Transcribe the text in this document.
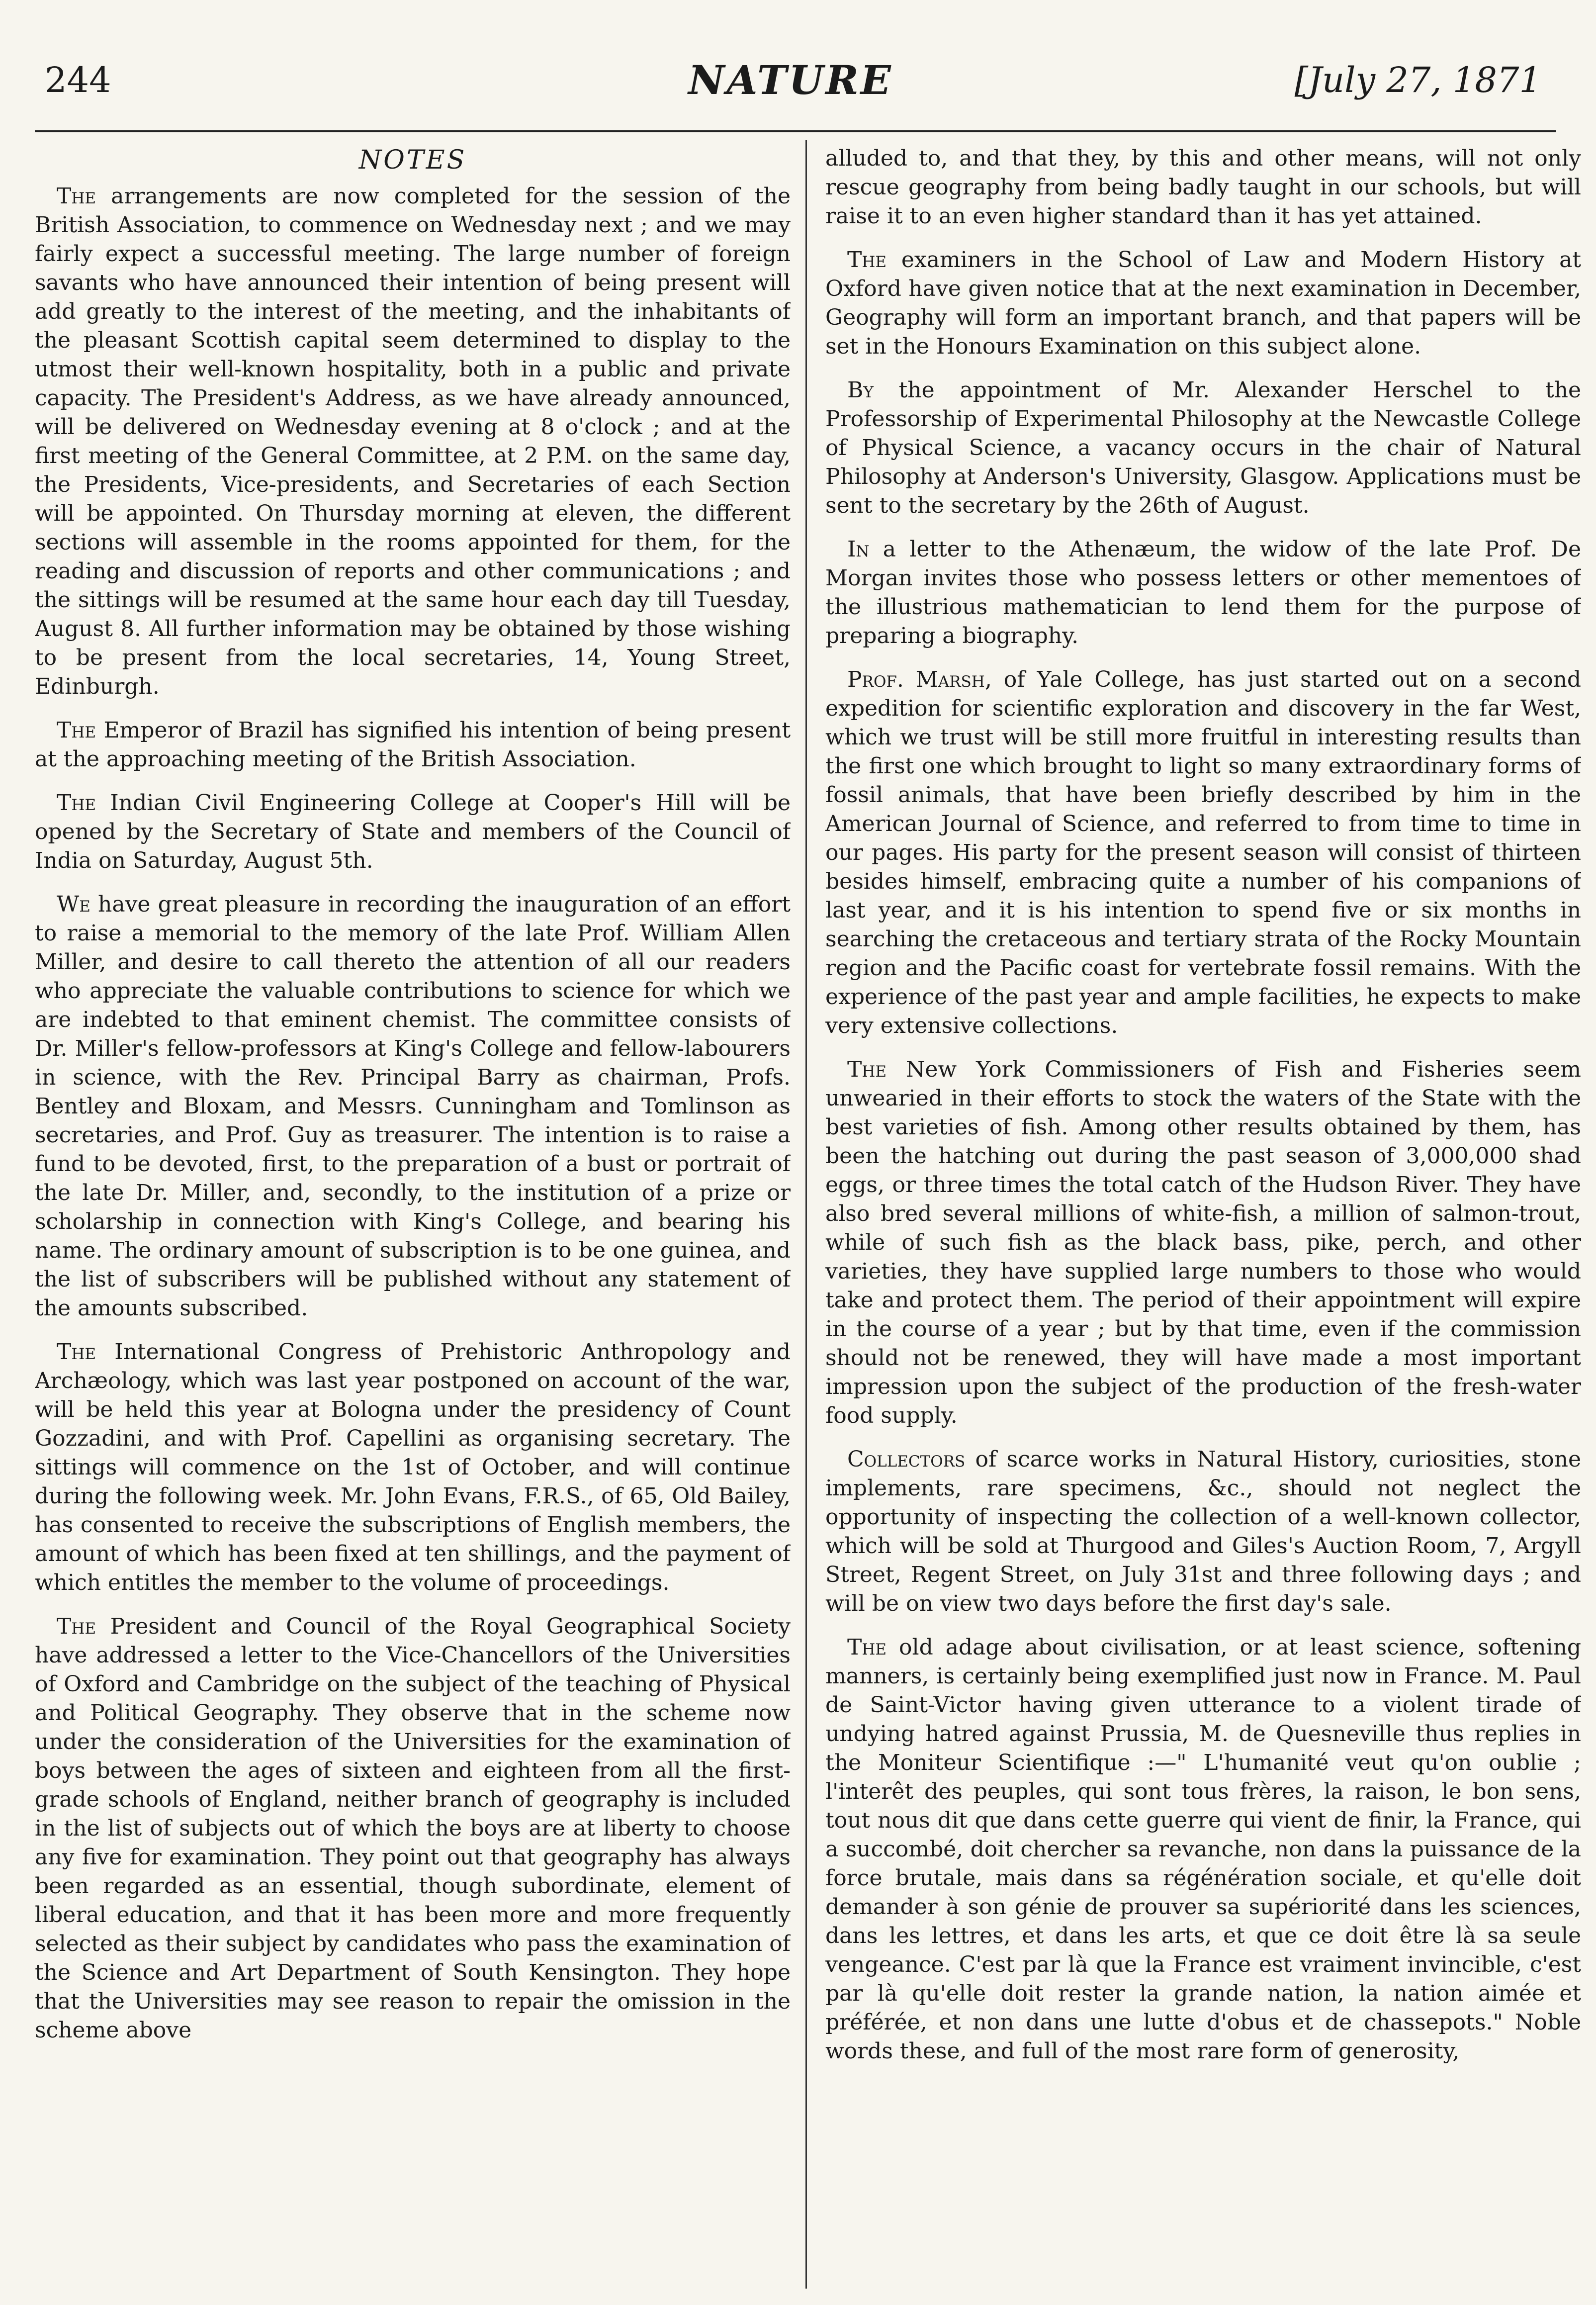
244	NATURE	[July 27, 1871
NOTES

The arrangements are now completed for the session of the British Association, to commence on Wednesday next ; and we may fairly expect a successful meeting. The large number of foreign savants who have announced their intention of being present will add greatly to the interest of the meeting, and the inhabitants of the pleasant Scottish capital seem determined to display to the utmost their well-known hospitality, both in a public and private capacity. The President's Address, as we have already announced, will be delivered on Wednesday evening at 8 o'clock ; and at the first meeting of the General Committee, at 2 P.M. on the same day, the Presidents, Vice-presidents, and Secretaries of each Section will be appointed. On Thursday morning at eleven, the different sections will assemble in the rooms appointed for them, for the reading and discussion of reports and other communications ; and the sittings will be resumed at the same hour each day till Tuesday, August 8. All further information may be obtained by those wishing to be present from the local secretaries, 14, Young Street, Edinburgh.

The Emperor of Brazil has signified his intention of being present at the approaching meeting of the British Association.

The Indian Civil Engineering College at Cooper's Hill will be opened by the Secretary of State and members of the Council of India on Saturday, August 5th.

We have great pleasure in recording the inauguration of an effort to raise a memorial to the memory of the late Prof. William Allen Miller, and desire to call thereto the attention of all our readers who appreciate the valuable contributions to science for which we are indebted to that eminent chemist. The committee consists of Dr. Miller's fellow-professors at King's College and fellow-labourers in science, with the Rev. Principal Barry as chairman, Profs. Bentley and Bloxam, and Messrs. Cunningham and Tomlinson as secretaries, and Prof. Guy as treasurer. The intention is to raise a fund to be devoted, first, to the preparation of a bust or portrait of the late Dr. Miller, and, secondly, to the institution of a prize or scholarship in connection with King's College, and bearing his name. The ordinary amount of subscription is to be one guinea, and the list of subscribers will be published without any statement of the amounts subscribed.

The International Congress of Prehistoric Anthropology and Archæology, which was last year postponed on account of the war, will be held this year at Bologna under the presidency of Count Gozzadini, and with Prof. Capellini as organising secretary. The sittings will commence on the 1st of October, and will continue during the following week. Mr. John Evans, F.R.S., of 65, Old Bailey, has consented to receive the subscriptions of English members, the amount of which has been fixed at ten shillings, and the payment of which entitles the member to the volume of proceedings.

The President and Council of the Royal Geographical Society have addressed a letter to the Vice-Chancellors of the Universities of Oxford and Cambridge on the subject of the teaching of Physical and Political Geography. They observe that in the scheme now under the consideration of the Universities for the examination of boys between the ages of sixteen and eighteen from all the first-grade schools of England, neither branch of geography is included in the list of subjects out of which the boys are at liberty to choose any five for examination. They point out that geography has always been regarded as an essential, though subordinate, element of liberal education, and that it has been more and more frequently selected as their subject by candidates who pass the examination of the Science and Art Department of South Kensington. They hope that the Universities may see reason to repair the omission in the scheme above

alluded to, and that they, by this and other means, will not only rescue geography from being badly taught in our schools, but will raise it to an even higher standard than it has yet attained.

The examiners in the School of Law and Modern History at Oxford have given notice that at the next examination in December, Geography will form an important branch, and that papers will be set in the Honours Examination on this subject alone.

By the appointment of Mr. Alexander Herschel to the Professorship of Experimental Philosophy at the Newcastle College of Physical Science, a vacancy occurs in the chair of Natural Philosophy at Anderson's University, Glasgow. Applications must be sent to the secretary by the 26th of August.

In a letter to the Athenæum, the widow of the late Prof. De Morgan invites those who possess letters or other mementoes of the illustrious mathematician to lend them for the purpose of preparing a biography.

Prof. Marsh, of Yale College, has just started out on a second expedition for scientific exploration and discovery in the far West, which we trust will be still more fruitful in interesting results than the first one which brought to light so many extraordinary forms of fossil animals, that have been briefly described by him in the American Journal of Science, and referred to from time to time in our pages. His party for the present season will consist of thirteen besides himself, embracing quite a number of his companions of last year, and it is his intention to spend five or six months in searching the cretaceous and tertiary strata of the Rocky Mountain region and the Pacific coast for vertebrate fossil remains. With the experience of the past year and ample facilities, he expects to make very extensive collections.

The New York Commissioners of Fish and Fisheries seem unwearied in their efforts to stock the waters of the State with the best varieties of fish. Among other results obtained by them, has been the hatching out during the past season of 3,000,000 shad eggs, or three times the total catch of the Hudson River. They have also bred several millions of white-fish, a million of salmon-trout, while of such fish as the black bass, pike, perch, and other varieties, they have supplied large numbers to those who would take and protect them. The period of their appointment will expire in the course of a year ; but by that time, even if the commission should not be renewed, they will have made a most important impression upon the subject of the production of the fresh-water food supply.

Collectors of scarce works in Natural History, curiosities, stone implements, rare specimens, &c., should not neglect the opportunity of inspecting the collection of a well-known collector, which will be sold at Thurgood and Giles's Auction Room, 7, Argyll Street, Regent Street, on July 31st and three following days ; and will be on view two days before the first day's sale.

The old adage about civilisation, or at least science, softening manners, is certainly being exemplified just now in France. M. Paul de Saint-Victor having given utterance to a violent tirade of undying hatred against Prussia, M. de Quesneville thus replies in the Moniteur Scientifique :—" L'humanité veut qu'on oublie ; l'interêt des peuples, qui sont tous frères, la raison, le bon sens, tout nous dit que dans cette guerre qui vient de finir, la France, qui a succombé, doit chercher sa revanche, non dans la puissance de la force brutale, mais dans sa régénération sociale, et qu'elle doit demander à son génie de prouver sa supériorité dans les sciences, dans les lettres, et dans les arts, et que ce doit être là sa seule vengeance. C'est par là que la France est vraiment invincible, c'est par là qu'elle doit rester la grande nation, la nation aimée et préférée, et non dans une lutte d'obus et de chassepots." Noble words these, and full of the most rare form of generosity,
